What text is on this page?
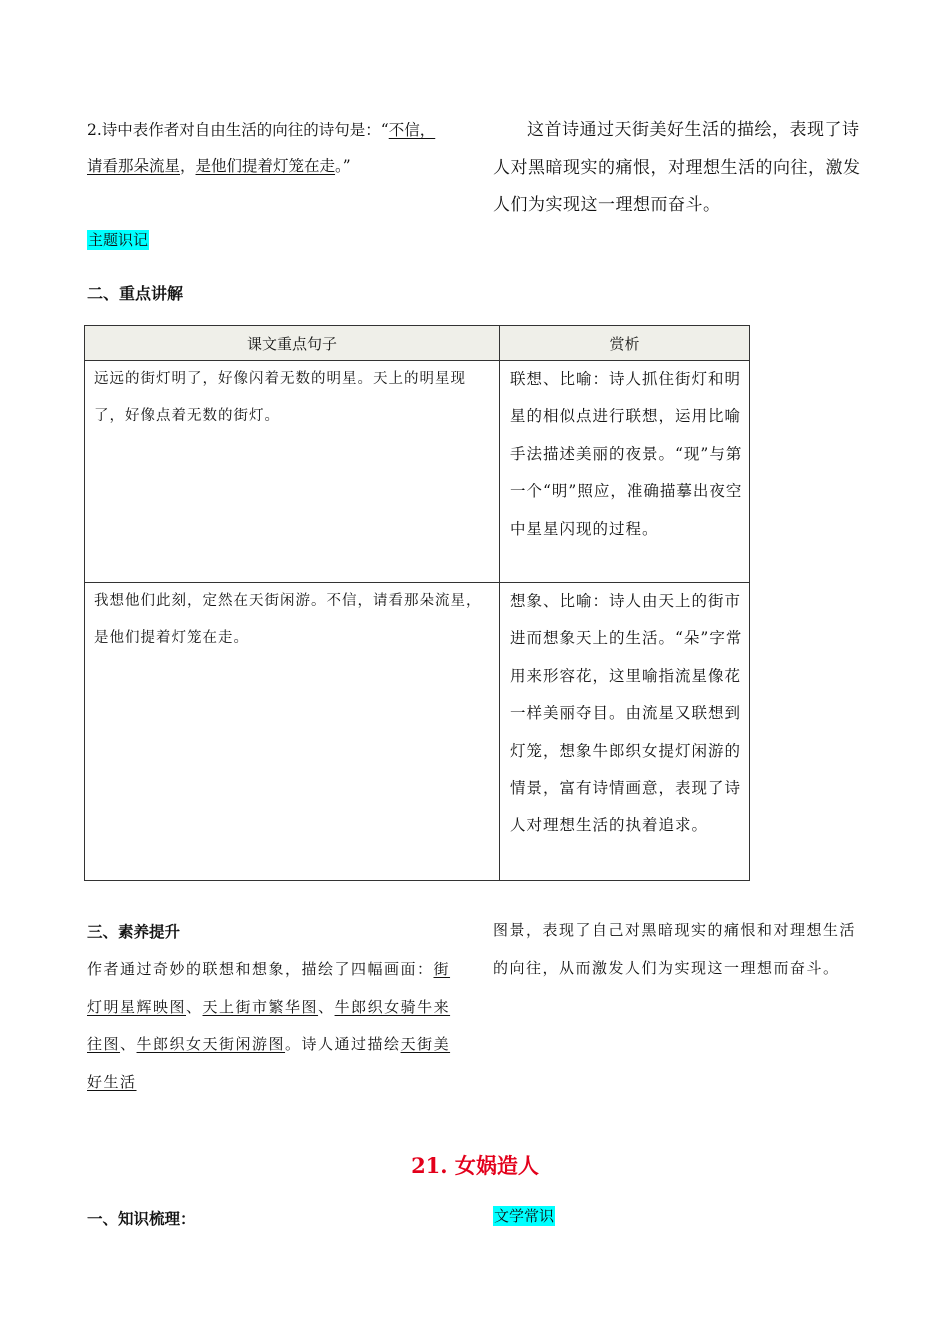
2.诗中表作者对自由生活的向往的诗句是：“不信，
请看那朵流星，是他们提着灯笼在走。”
这首诗通过天街美好生活的描绘，表现了诗人对黑暗现实的痛恨，对理想生活的向往，激发人们为实现这一理想而奋斗。
主题识记
二、重点讲解
课文重点句子	赏析
远远的街灯明了，好像闪着无数的明星。天上的明星现了，好像点着无数的街灯。	联想、比喻：诗人抓住街灯和明星的相似点进行联想，运用比喻手法描述美丽的夜景。“现”与第一个“明”照应，准确描摹出夜空中星星闪现的过程。
我想他们此刻，定然在天街闲游。不信，请看那朵流星，是他们提着灯笼在走。	想象、比喻：诗人由天上的街市进而想象天上的生活。“朵”字常用来形容花，这里喻指流星像花一样美丽夺目。由流星又联想到灯笼，想象牛郎织女提灯闲游的情景，富有诗情画意，表现了诗人对理想生活的执着追求。
三、素养提升
作者通过奇妙的联想和想象，描绘了四幅画面：街灯明星辉映图、天上街市繁华图、牛郎织女骑牛来往图、牛郎织女天街闲游图。诗人通过描绘天街美好生活
图景，表现了自己对黑暗现实的痛恨和对理想生活的向往，从而激发人们为实现这一理想而奋斗。
21. 女娲造人
一、知识梳理：	文学常识
